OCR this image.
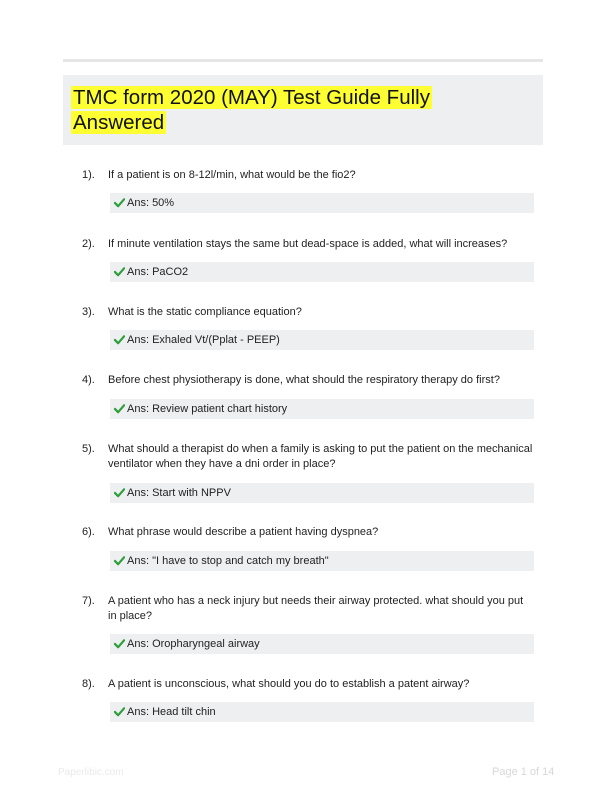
TMC form 2020 (MAY) Test Guide Fully Answered
1). If a patient is on 8-12l/min, what would be the fio2?
Ans: 50%
2). If minute ventilation stays the same but dead-space is added, what will increases?
Ans: PaCO2
3). What is the static compliance equation?
Ans: Exhaled Vt/(Pplat - PEEP)
4). Before chest physiotherapy is done, what should the respiratory therapy do first?
Ans: Review patient chart history
5). What should a therapist do when a family is asking to put the patient on the mechanical ventilator when they have a dni order in place?
Ans: Start with NPPV
6). What phrase would describe a patient having dyspnea?
Ans: "I have to stop and catch my breath"
7). A patient who has a neck injury but needs their airway protected. what should you put in place?
Ans: Oropharyngeal airway
8). A patient is unconscious, what should you do to establish a patent airway?
Ans: Head tilt chin
Paperlibic.com	Page 1 of 14
